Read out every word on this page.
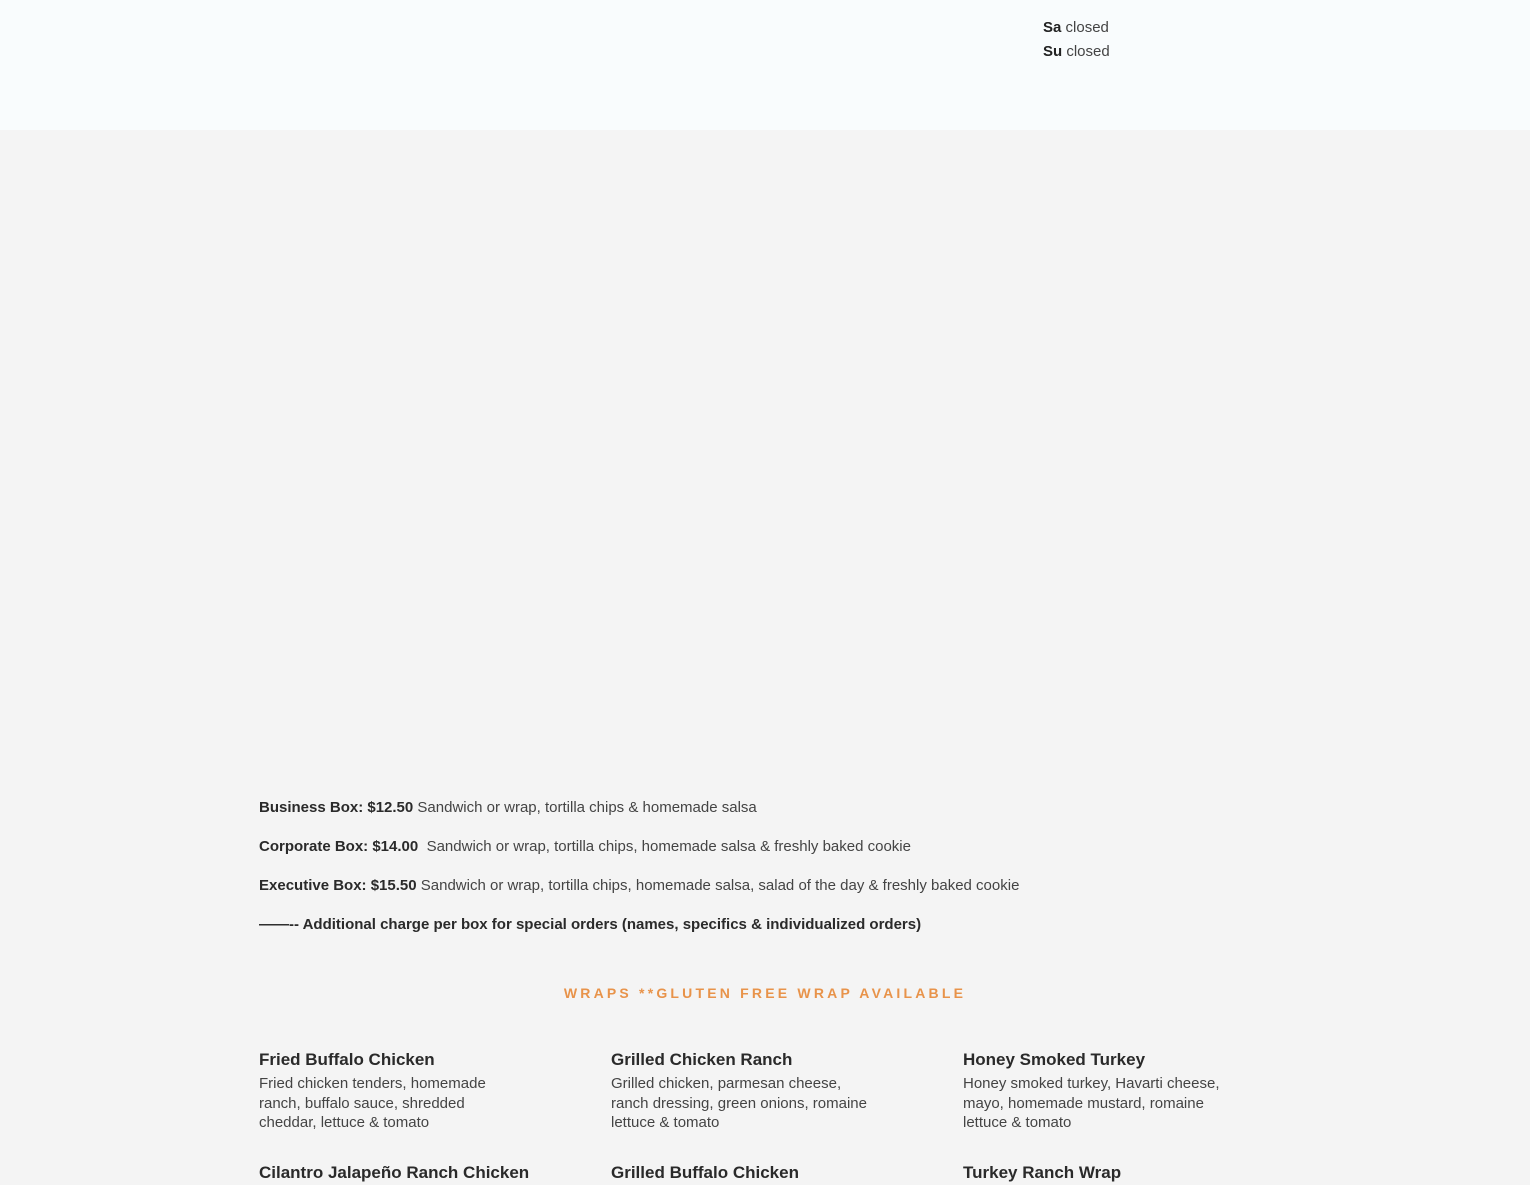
Sa closed
Su closed
Business Box: $12.50 Sandwich or wrap, tortilla chips & homemade salsa
Corporate Box: $14.00 Sandwich or wrap, tortilla chips, homemade salsa & freshly baked cookie
Executive Box: $15.50 Sandwich or wrap, tortilla chips, homemade salsa, salad of the day & freshly baked cookie
——-- Additional charge per box for special orders (names, specifics & individualized orders)
WRAPS **GLUTEN FREE WRAP AVAILABLE
Fried Buffalo Chicken
Fried chicken tenders, homemade ranch, buffalo sauce, shredded cheddar, lettuce & tomato
Grilled Chicken Ranch
Grilled chicken, parmesan cheese, ranch dressing, green onions, romaine lettuce & tomato
Honey Smoked Turkey
Honey smoked turkey, Havarti cheese, mayo, homemade mustard, romaine lettuce & tomato
Cilantro Jalapeño Ranch Chicken	Grilled Buffalo Chicken	Turkey Ranch Wrap
